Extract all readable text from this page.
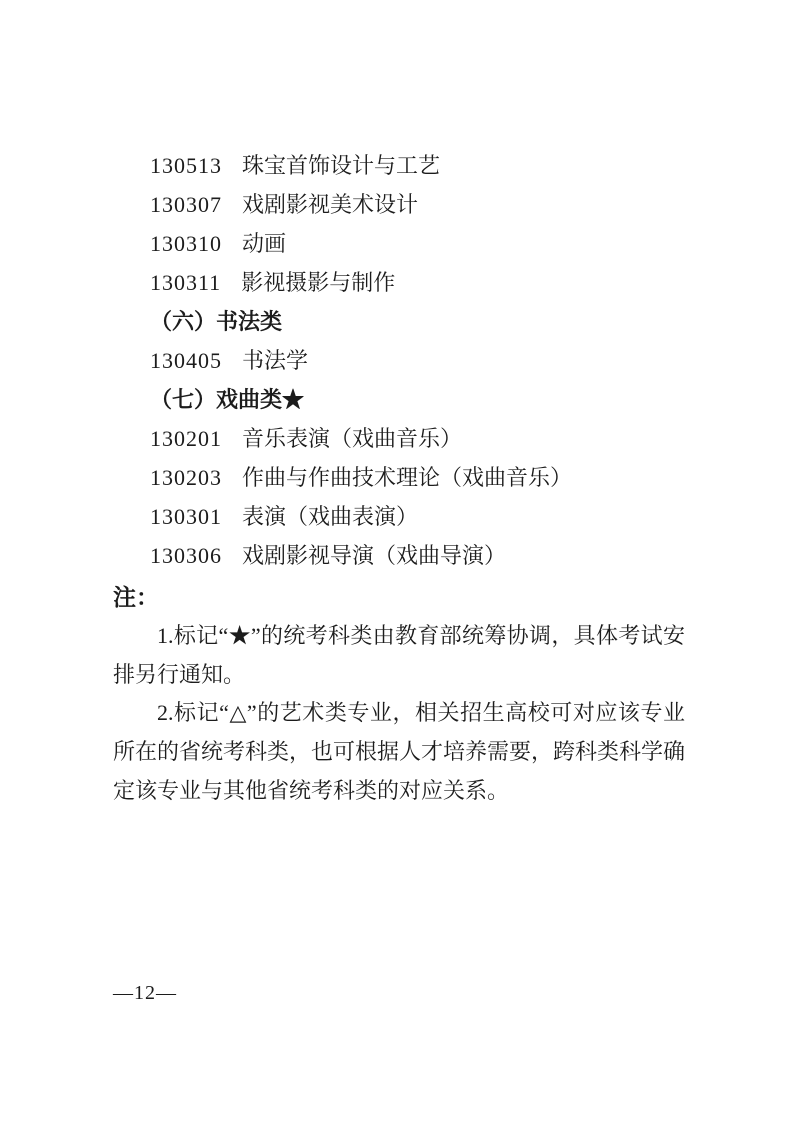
130513 珠宝首饰设计与工艺
130307 戏剧影视美术设计
130310 动画
130311 影视摄影与制作
（六）书法类
130405 书法学
（七）戏曲类★
130201 音乐表演（戏曲音乐）
130203 作曲与作曲技术理论（戏曲音乐）
130301 表演（戏曲表演）
130306 戏剧影视导演（戏曲导演）
注：

1.标记“★”的统考科类由教育部统筹协调，具体考试安排另行通知。

2.标记“△”的艺术类专业，相关招生高校可对应该专业所在的省统考科类，也可根据人才培养需要，跨科类科学确定该专业与其他省统考科类的对应关系。

—12—
